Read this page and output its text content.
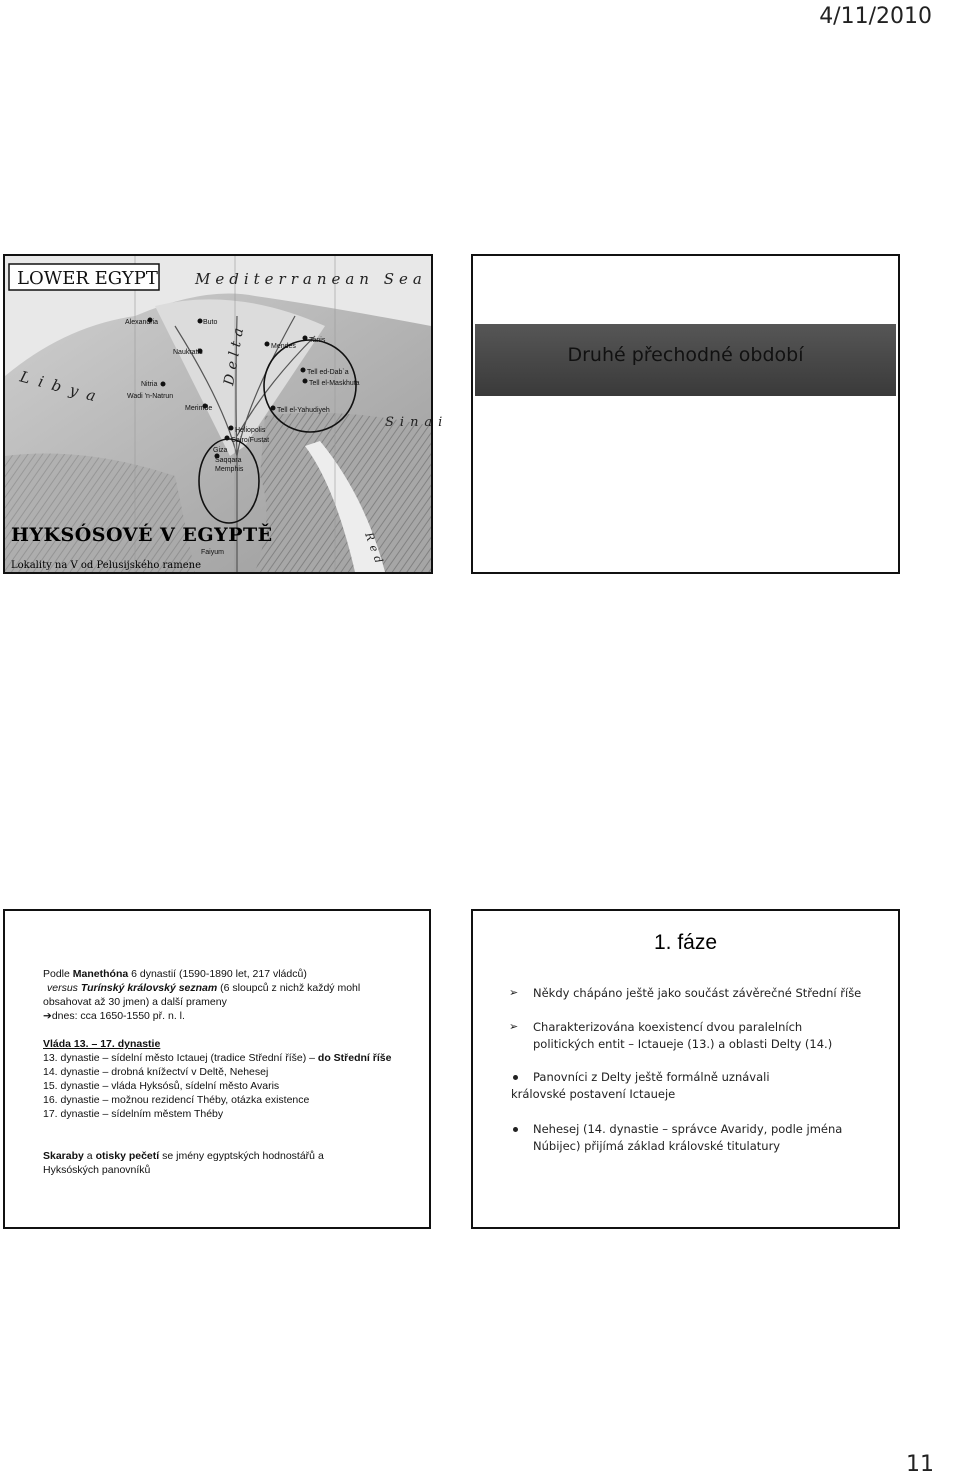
4/11/2010
LOWER EGYPT Mediterranean Sea
Libya
Delta
Sinai
Red
Alexandria	Buto
Naukratis
Nitria
Wadi 'n-Natrun
Merimde
Mendes
Tanis
Tell ed-Dab`a
Tell el-Maskhuta
Tell el-Yahudiyeh
Heliopolis
Cairo/Fustat
Giza
Saqqara
Memphis
Faiyum
HYKSÓSOVÉ V EGYPTĚ
Lokality na V od Pelusijského ramene
Druhé přechodné období
Podle Manethóna 6 dynastií (1590-1890 let, 217 vládců)
versus Turínský královský seznam (6 sloupců z nichž každý mohl
obsahovat až 30 jmen) a další prameny
➔dnes: cca 1650-1550 př. n. l.
Vláda 13. – 17. dynastie
13. dynastie – sídelní město Ictauej (tradice Střední říše) – do Střední říše
14. dynastie – drobná knížectví v Deltě, Nehesej
15. dynastie – vláda Hyksósů, sídelní město Avaris
16. dynastie – možnou rezidencí Théby, otázka existence
17. dynastie – sídelním městem Théby
Skaraby a otisky pečetí se jmény egyptských hodnostářů a
Hyksóských panovníků
1. fáze
➢ Někdy chápáno ještě jako součást závěrečné Střední říše
➢ Charakterizována koexistencí dvou paralelních
politických entit – Ictaueje (13.) a oblasti Delty (14.)
Panovníci z Delty ještě formálně uznávali
královské postavení Ictaueje
Nehesej (14. dynastie – správce Avaridy, podle jména
Núbijec) přijímá základ královské titulatury
11
